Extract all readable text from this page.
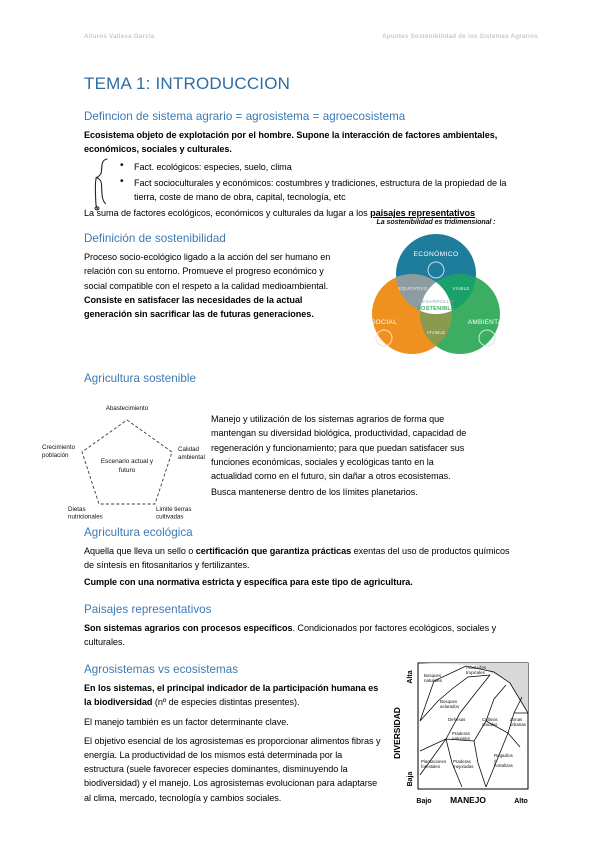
Ailuros Vallesa García	Apuntes Sostenibilidad de los Sistemas Agrarios
TEMA 1: INTRODUCCION
Defincion de sistema agrario = agrosistema = agroecosistema

Ecosistema objeto de explotación por el hombre. Supone la interacción de factores ambientales, económicos, sociales y culturales.

• Fact. ecológicos: especies, suelo, clima
• Fact socioculturales y económicos: costumbres y tradiciones, estructura de la propiedad de la tierra, coste de mano de obra, capital, tecnología, etc

La suma de factores ecológicos, económicos y culturales da lugar a los paisajes representativos

Definición de sostenibilidad

Proceso socio-ecológico ligado a la acción del ser humano en relación con su entorno. Promueve el progreso económico y social compatible con el respeto a la calidad medioambiental.

Consiste en satisfacer las necesidades de la actual generación sin sacrificar las de futuras generaciones.

La sostenibilidad es tridimensional :
ECONÓMICO
SOCIAL	AMBIENTAL
EQUITATIVO	VIABLE
VIVIBLE
DESARROLLO
SOSTENIBLE
Agricultura sostenible
Abastecimiento
Calidad
ambiental
Limite tierras
cultivadas
Dietas
nutricionales
Crecimiento
población
Escenario actual y
futuro

Manejo y utilización de los sistemas agrarios de forma que mantengan su diversidad biológica, productividad, capacidad de regeneración y funcionamiento; para que puedan satisfacer sus funciones económicas, sociales y ecológicas tanto en la actualidad como en el futuro, sin dañar a otros ecosistemas.

Busca mantenerse dentro de los límites planetarios.

Agricultura ecológica

Aquella que lleva un sello o certificación que garantiza prácticas exentas del uso de productos químicos de síntesis en fitosanitarios y fertilizantes.

Cumple con una normativa estricta y específica para este tipo de agricultura.

Paisajes representativos

Son sistemas agrarios con procesos específicos. Condicionados por factores ecológicos, sociales y culturales.

Agrosistemas vs ecosistemas

En los sistemas, el principal indicador de la participación humana es la biodiversidad (nº de especies distintas presentes).

El manejo también es un factor determinante clave.

El objetivo esencial de los agrosistemas es proporcionar alimentos fibras y energía. La productividad de los mismos está determinada por la estructura (suele favorecer especies dominantes, disminuyendo la biodiversidad) y el manejo. Los agrosistemas evolucionan para adaptarse al clima, mercado, tecnología y cambios sociales.

DIVERSIDAD
Alta
Baja
MANEJO
Bajo	Alto
Bosques
naturales
Arbolados
tropicales
Bosques
aclarados
Dehesas
Praderas
naturales
Cultivos
anuales
Plantaciones
forestales
Praderas
mejoradas
Regadíos
y
hortalizas
Zonas
urbanas
